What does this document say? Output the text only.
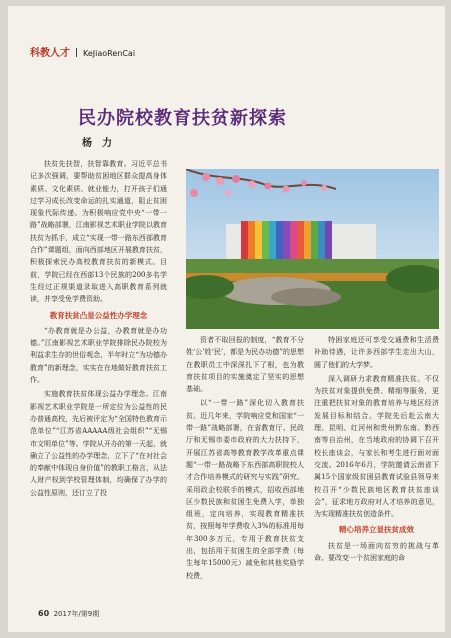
科教人才 KeJiaoRenCai
民办院校教育扶贫新探索
杨　力

扶贫先扶智，扶智靠教育。习近平总书记多次强调，要帮助贫困地区群众提高身体素质、文化素质、就业能力，打开孩子们通过学习成长改变命运的扎实通道，阻止贫困现象代际传递。为积极响应党中央“一带一路”战略部署，江南影视艺术职业学院以教育扶贫为抓手，成立“实现一带一路东西部教育合作”课题组，面向西部地区开展教育扶贫，积极探索民办高校教育扶贫的新模式。目前，学院已经在西部13个民族的200多名学生经过正规渠道录取进入高职教育系列就读，并享受免学费资助。

教育扶贫凸显公益性办学理念

“办教育就是办公益，办教育就是办功德。”江南影视艺术职业学院排除民办院校为利益求生存的世俗观念，半年时立“为功德办教育”的新理念，实实在在地做好教育扶贫工作。

实施教育扶贫体现公益办学理念。江南影视艺术职业学院是一所定位为公益性的民办普通高校，先后被评定为“全国特色教育示范单位”“江苏省AAAAA级社会组织”“无锡市文明单位”等。学院从开办的第一天起，就确立了公益性的办学理念，立下了“在对社会的奉献中体现自身价值”的教职工格言，从法人财产权到学校管理体制，均确保了办学的公益性原则，还订立了投

资者不取回报的制度，“教育不分姓‘公’姓‘民’，都是为民办功德”的思想在教职员工中深深扎下了根，也为教育扶贫项目的实施奠定了坚实的思想基础。

以“一带一路”深化切入教育扶贫。近几年来，学院响应党和国家“一带一路”战略部署，在省教育厅、民政厅和无锡市委市政府的大力扶持下，开展江苏省高等教育教学改革重点课题“一带一路战略下东西部高职院校人才合作培养模式的研究与实践”研究。采用政企校联手的模式，招收西部地区少数民族和贫困生免费入学，单独组班，定向培养，实现教育精准扶贫，按照每年学费收入3%的标准用每年300多万元，专用于教育扶贫支出，包括用于贫困生的全部学费（每生每年15000元）减免和其他奖励学校费，

特困家庭还可享受交通费和生活费补助待遇，让许多西部学生走出大山，圆了他们的大学梦。

深入调研力求教育精准扶贫。不仅为扶贫对象提供免费、精细等服务，更注重把扶贫对象的教育培养与地区经济发展目标和结合。学院先后赴云南大理、昆明、红河州和贵州黔东南、黔西南等自治州，在当地政府的协调下召开校长座谈会，与家长和考生进行面对面交流。2016年6月，学院邀请云南省下属15个国家级贫困县教育试验县领导来校召开“少数民族地区教育扶贫座谈会”，征求地方政府对人才培养的意见，为实现精准扶贫创造条件。

精心培养立显扶贫成效

扶贫是一场面向贫穷的挑战与革命。要改变一个贫困家庭的命

60 2017年/第9期
